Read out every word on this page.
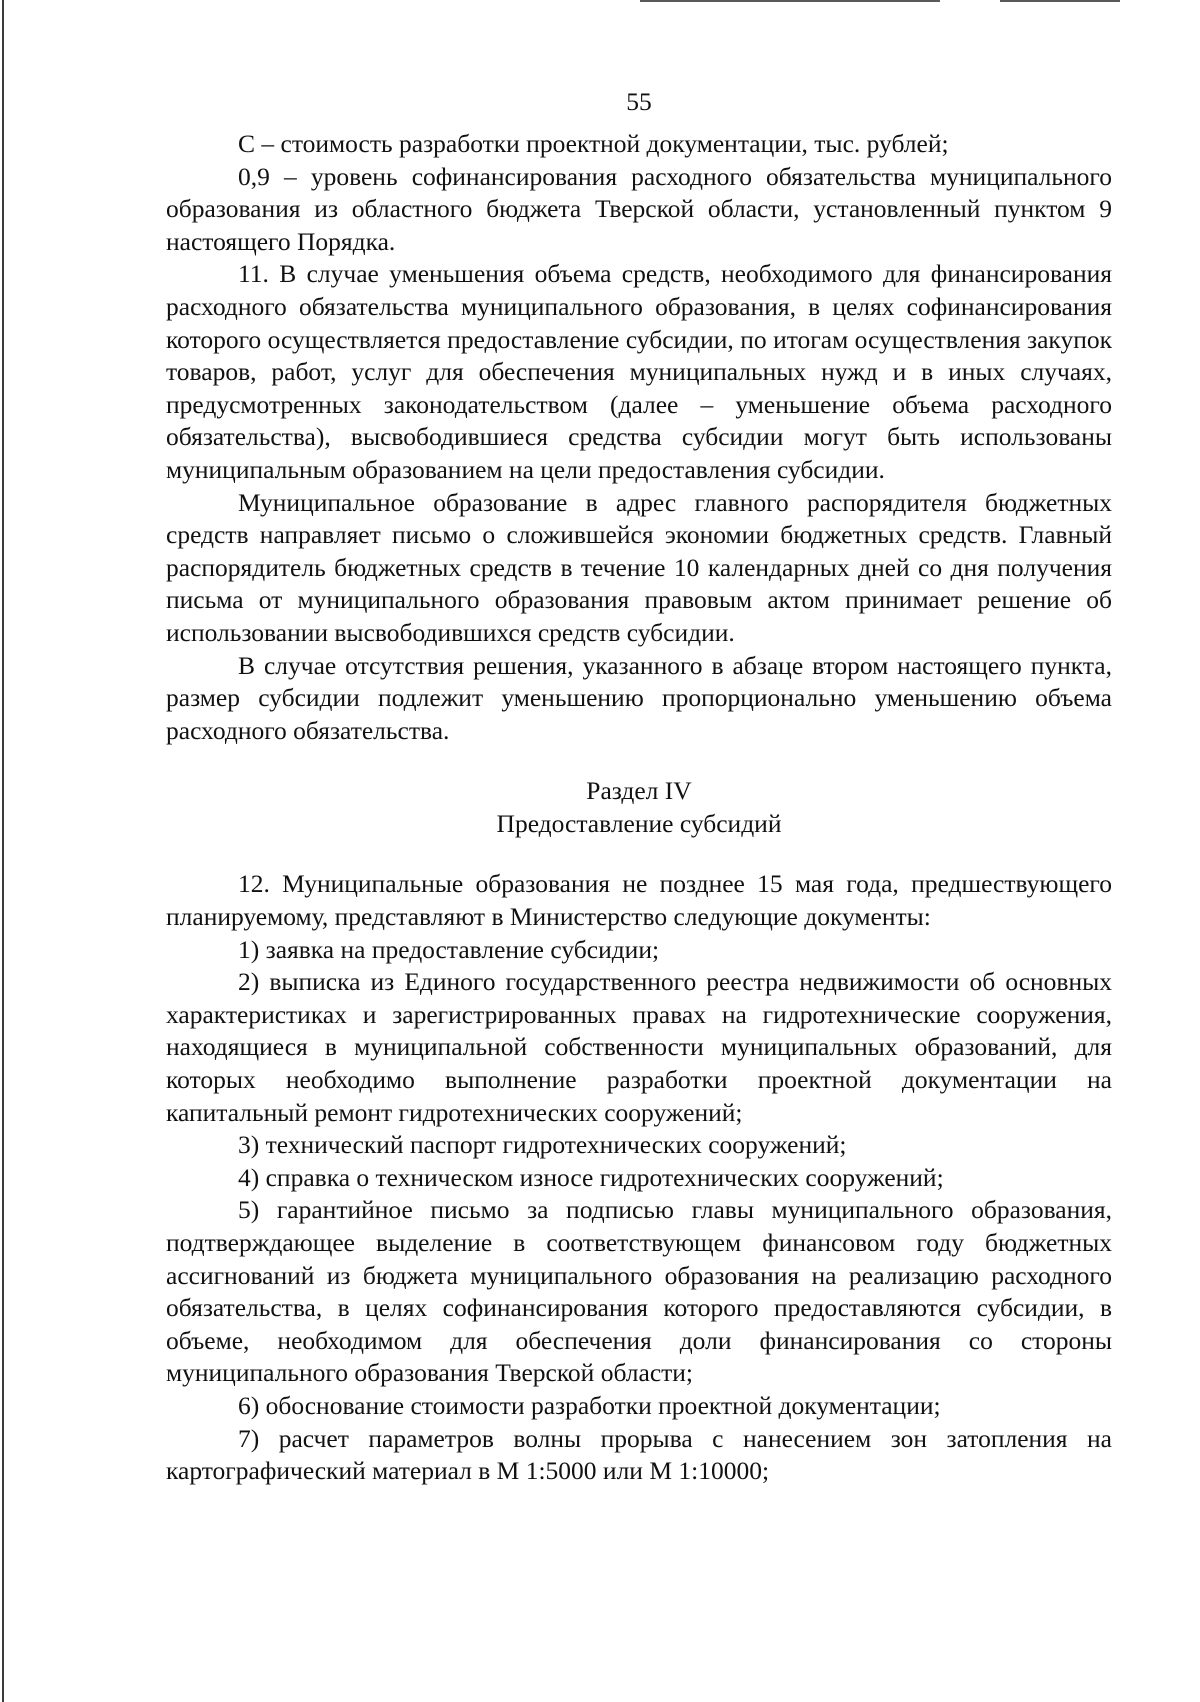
55

С – стоимость разработки проектной документации, тыс. рублей;

0,9 – уровень софинансирования расходного обязательства муниципального образования из областного бюджета Тверской области, установленный пунктом 9 настоящего Порядка.

11. В случае уменьшения объема средств, необходимого для финансирования расходного обязательства муниципального образования, в целях софинансирования которого осуществляется предоставление субсидии, по итогам осуществления закупок товаров, работ, услуг для обеспечения муниципальных нужд и в иных случаях, предусмотренных законодательством (далее – уменьшение объема расходного обязательства), высвободившиеся средства субсидии могут быть использованы муниципальным образованием на цели предоставления субсидии.

Муниципальное образование в адрес главного распорядителя бюджетных средств направляет письмо о сложившейся экономии бюджетных средств. Главный распорядитель бюджетных средств в течение 10 календарных дней со дня получения письма от муниципального образования правовым актом принимает решение об использовании высвободившихся средств субсидии.

В случае отсутствия решения, указанного в абзаце втором настоящего пункта, размер субсидии подлежит уменьшению пропорционально уменьшению объема расходного обязательства.

Раздел IV

Предоставление субсидий

12. Муниципальные образования не позднее 15 мая года, предшествующего планируемому, представляют в Министерство следующие документы:

1) заявка на предоставление субсидии;

2) выписка из Единого государственного реестра недвижимости об основных характеристиках и зарегистрированных правах на гидротехнические сооружения, находящиеся в муниципальной собственности муниципальных образований, для которых необходимо выполнение разработки проектной документации на капитальный ремонт гидротехнических сооружений;

3) технический паспорт гидротехнических сооружений;

4) справка о техническом износе гидротехнических сооружений;

5) гарантийное письмо за подписью главы муниципального образования, подтверждающее выделение в соответствующем финансовом году бюджетных ассигнований из бюджета муниципального образования на реализацию расходного обязательства, в целях софинансирования которого предоставляются субсидии, в объеме, необходимом для обеспечения доли финансирования со стороны муниципального образования Тверской области;

6) обоснование стоимости разработки проектной документации;

7) расчет параметров волны прорыва с нанесением зон затопления на картографический материал в М 1:5000 или М 1:10000;
